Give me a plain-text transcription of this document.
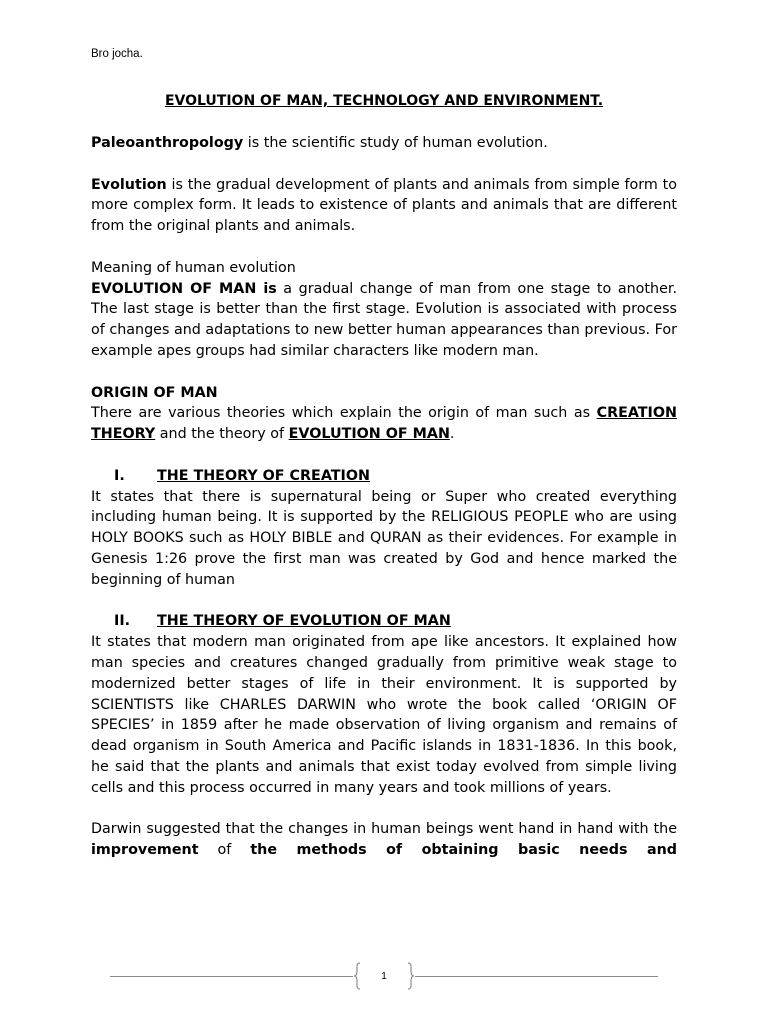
Bro jocha.
EVOLUTION OF MAN, TECHNOLOGY AND ENVIRONMENT.

Paleoanthropology is the scientific study of human evolution.

Evolution is the gradual development of plants and animals from simple form to more complex form. It leads to existence of plants and animals that are different from the original plants and animals.

Meaning of human evolution

EVOLUTION OF MAN is a gradual change of man from one stage to another. The last stage is better than the first stage. Evolution is associated with process of changes and adaptations to new better human appearances than previous. For example apes groups had similar characters like modern man.

ORIGIN OF MAN

There are various theories which explain the origin of man such as CREATION THEORY and the theory of EVOLUTION OF MAN.

I.	THE THEORY OF CREATION

It states that there is supernatural being or Super who created everything including human being. It is supported by the RELIGIOUS PEOPLE who are using HOLY BOOKS such as HOLY BIBLE and QURAN as their evidences. For example in Genesis 1:26 prove the first man was created by God and hence marked the beginning of human

II.	THE THEORY OF EVOLUTION OF MAN

It states that modern man originated from ape like ancestors. It explained how man species and creatures changed gradually from primitive weak stage to modernized better stages of life in their environment. It is supported by SCIENTISTS like CHARLES DARWIN who wrote the book called ‘ORIGIN OF SPECIES’ in 1859 after he made observation of living organism and remains of dead organism in South America and Pacific islands in 1831-1836. In this book, he said that the plants and animals that exist today evolved from simple living cells and this process occurred in many years and took millions of years.

Darwin suggested that the changes in human beings went hand in hand with the improvement of the methods of obtaining basic needs and

1
